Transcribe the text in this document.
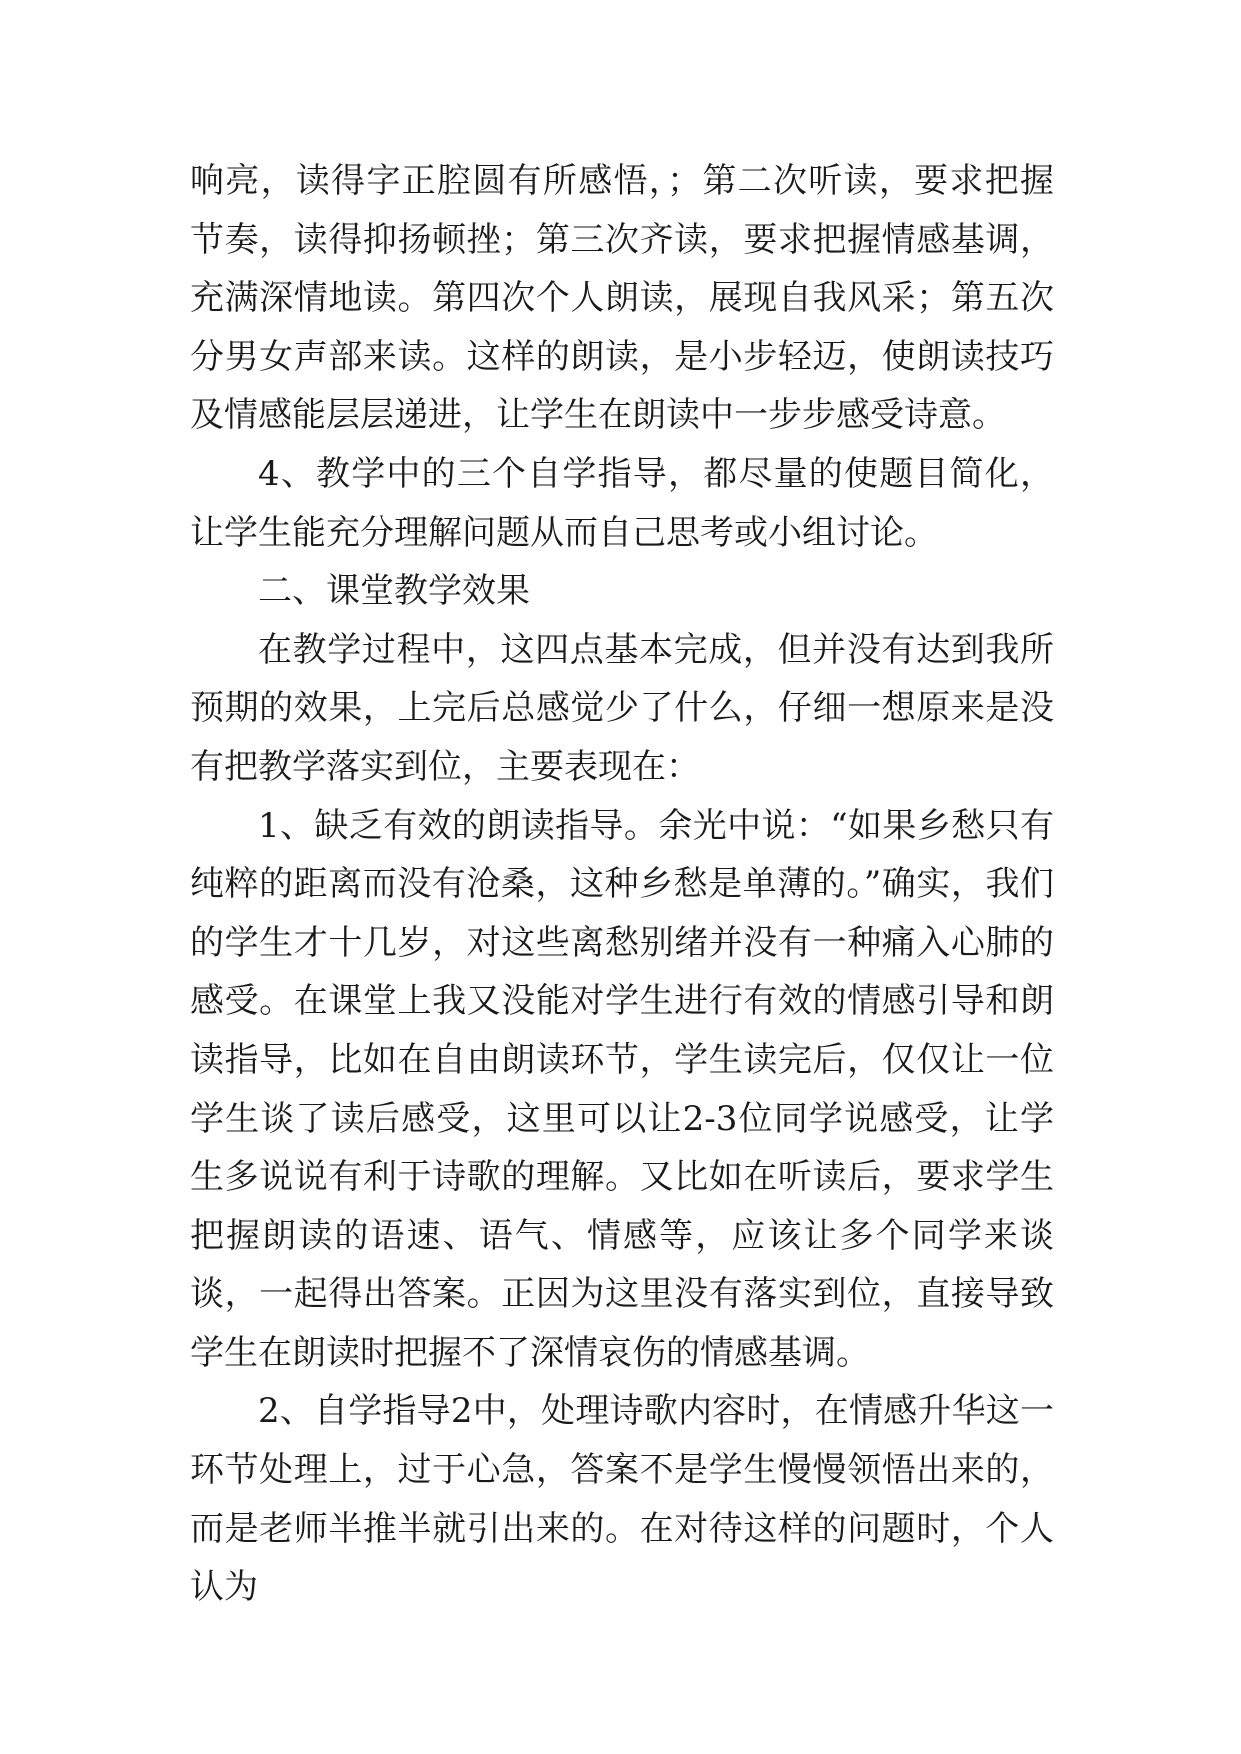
响亮，读得字正腔圆有所感悟，；第二次听读，要求把握节奏，读得抑扬顿挫；第三次齐读，要求把握情感基调，充满深情地读。第四次个人朗读，展现自我风采；第五次分男女声部来读。这样的朗读，是小步轻迈，使朗读技巧及情感能层层递进，让学生在朗读中一步步感受诗意。

4、教学中的三个自学指导，都尽量的使题目简化，让学生能充分理解问题从而自己思考或小组讨论。

二、课堂教学效果

在教学过程中，这四点基本完成，但并没有达到我所预期的效果，上完后总感觉少了什么，仔细一想原来是没有把教学落实到位，主要表现在：

1、缺乏有效的朗读指导。余光中说：“如果乡愁只有纯粹的距离而没有沧桑，这种乡愁是单薄的。”确实，我们的学生才十几岁，对这些离愁别绪并没有一种痛入心肺的感受。在课堂上我又没能对学生进行有效的情感引导和朗读指导，比如在自由朗读环节，学生读完后，仅仅让一位学生谈了读后感受，这里可以让2-3位同学说感受，让学生多说说有利于诗歌的理解。又比如在听读后，要求学生把握朗读的语速、语气、情感等，应该让多个同学来谈谈，一起得出答案。正因为这里没有落实到位，直接导致学生在朗读时把握不了深情哀伤的情感基调。

2、自学指导2中，处理诗歌内容时，在情感升华这一环节处理上，过于心急，答案不是学生慢慢领悟出来的，而是老师半推半就引出来的。在对待这样的问题时，个人认为
